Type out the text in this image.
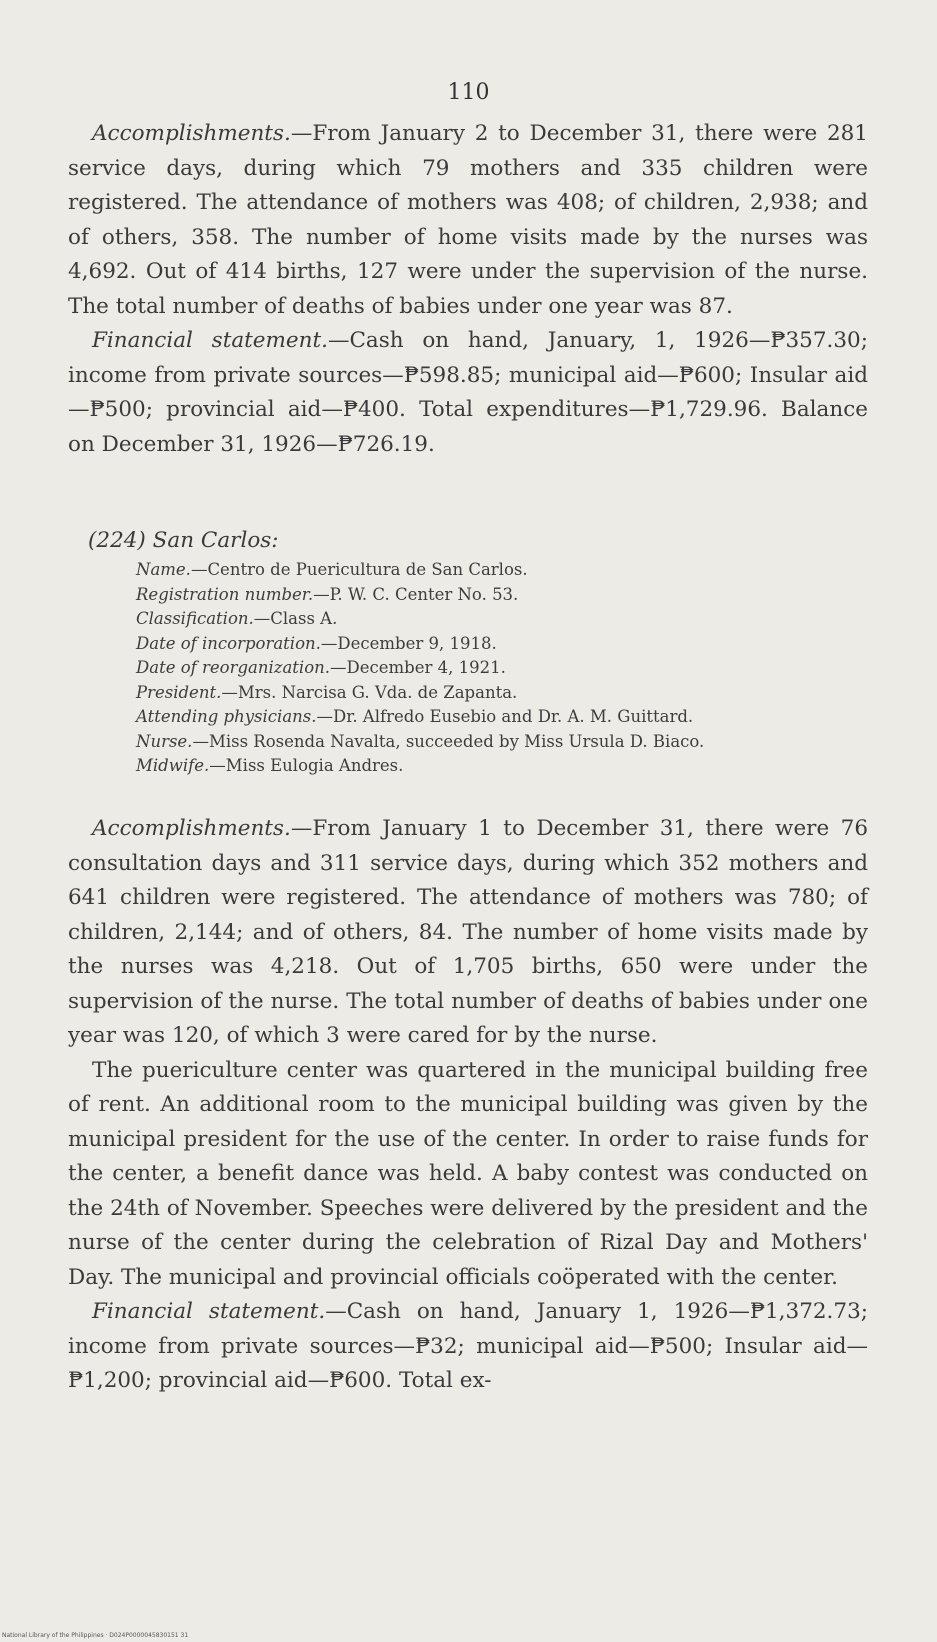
110

Accomplishments.—From January 2 to December 31, there were 281 service days, during which 79 mothers and 335 children were registered. The attendance of mothers was 408; of children, 2,938; and of others, 358. The number of home visits made by the nurses was 4,692. Out of 414 births, 127 were under the supervision of the nurse. The total number of deaths of babies under one year was 87.

Financial statement.—Cash on hand, January, 1, 1926—₱357.30; income from private sources—₱598.85; municipal aid—₱600; Insular aid—₱500; provincial aid—₱400. Total expenditures—₱1,729.96. Balance on December 31, 1926—₱726.19.

(224) San Carlos:

Name.—Centro de Puericultura de San Carlos.

Registration number.—P. W. C. Center No. 53.

Classification.—Class A.

Date of incorporation.—December 9, 1918.

Date of reorganization.—December 4, 1921.

President.—Mrs. Narcisa G. Vda. de Zapanta.

Attending physicians.—Dr. Alfredo Eusebio and Dr. A. M. Guittard.

Nurse.—Miss Rosenda Navalta, succeeded by Miss Ursula D. Biaco.

Midwife.—Miss Eulogia Andres.

Accomplishments.—From January 1 to December 31, there were 76 consultation days and 311 service days, during which 352 mothers and 641 children were registered. The attendance of mothers was 780; of children, 2,144; and of others, 84. The number of home visits made by the nurses was 4,218. Out of 1,705 births, 650 were under the supervision of the nurse. The total number of deaths of babies under one year was 120, of which 3 were cared for by the nurse.

The puericulture center was quartered in the municipal building free of rent. An additional room to the municipal building was given by the municipal president for the use of the center. In order to raise funds for the center, a benefit dance was held. A baby contest was conducted on the 24th of November. Speeches were delivered by the president and the nurse of the center during the celebration of Rizal Day and Mothers' Day. The municipal and provincial officials coöperated with the center.

Financial statement.—Cash on hand, January 1, 1926—₱1,372.73; income from private sources—₱32; municipal aid—₱500; Insular aid—₱1,200; provincial aid—₱600. Total ex-

National Library of the Philippines · D024P0000045830151 31
